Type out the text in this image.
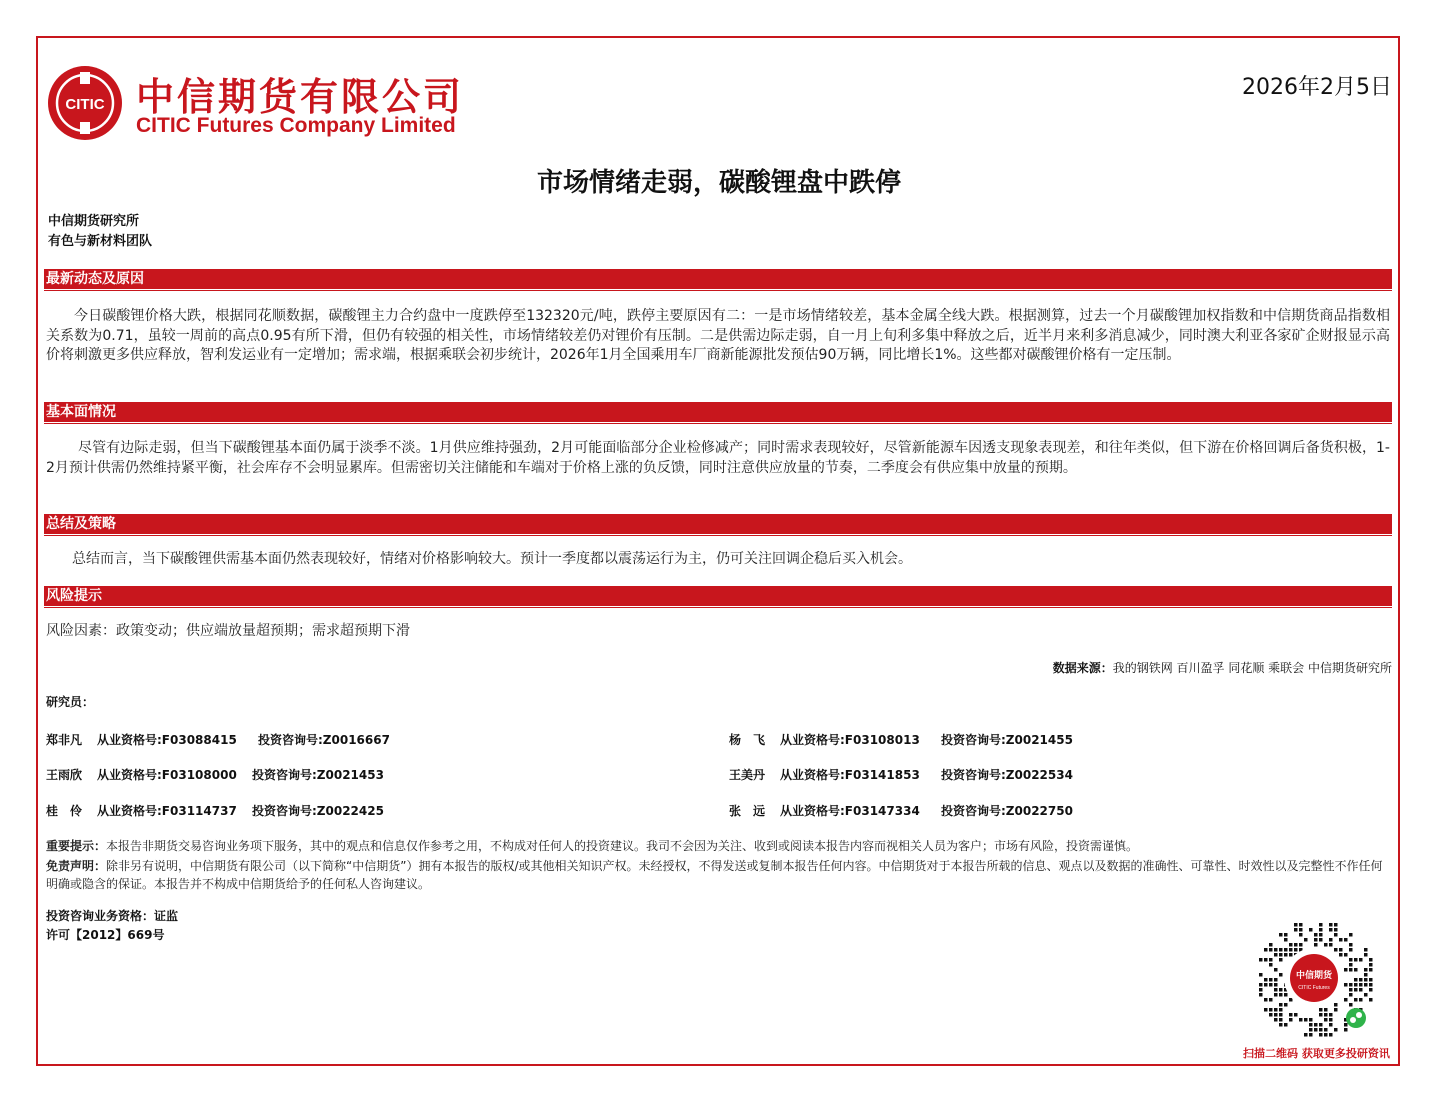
CITIC 中信期货有限公司
CITIC Futures Company Limited
2026年2月5日
市场情绪走弱，碳酸锂盘中跌停
中信期货研究所
有色与新材料团队
最新动态及原因
今日碳酸锂价格大跌，根据同花顺数据，碳酸锂主力合约盘中一度跌停至132320元/吨，跌停主要原因有二：一是市场情绪较差，基本金属全线大跌。根据测算，过去一个月碳酸锂加权指数和中信期货商品指数相关系数为0.71，虽较一周前的高点0.95有所下滑，但仍有较强的相关性，市场情绪较差仍对锂价有压制。二是供需边际走弱，自一月上旬利多集中释放之后，近半月来利多消息减少，同时澳大利亚各家矿企财报显示高价将刺激更多供应释放，智利发运业有一定增加；需求端，根据乘联会初步统计，2026年1月全国乘用车厂商新能源批发预估90万辆，同比增长1%。这些都对碳酸锂价格有一定压制。
基本面情况
尽管有边际走弱，但当下碳酸锂基本面仍属于淡季不淡。1月供应维持强劲，2月可能面临部分企业检修减产；同时需求表现较好，尽管新能源车因透支现象表现差，和往年类似，但下游在价格回调后备货积极，1-2月预计供需仍然维持紧平衡，社会库存不会明显累库。但需密切关注储能和车端对于价格上涨的负反馈，同时注意供应放量的节奏，二季度会有供应集中放量的预期。
总结及策略
总结而言，当下碳酸锂供需基本面仍然表现较好，情绪对价格影响较大。预计一季度都以震荡运行为主，仍可关注回调企稳后买入机会。
风险提示
风险因素：政策变动；供应端放量超预期；需求超预期下滑
数据来源：我的钢铁网 百川盈孚 同花顺 乘联会 中信期货研究所
研究员：
郑非凡 从业资格号:F03088415 投资咨询号:Z0016667
王雨欣 从业资格号:F03108000 投资咨询号:Z0021453
桂　伶 从业资格号:F03114737 投资咨询号:Z0022425
杨　飞 从业资格号:F03108013 投资咨询号:Z0021455
王美丹 从业资格号:F03141853 投资咨询号:Z0022534
张　远 从业资格号:F03147334 投资咨询号:Z0022750
重要提示：本报告非期货交易咨询业务项下服务，其中的观点和信息仅作参考之用，不构成对任何人的投资建议。我司不会因为关注、收到或阅读本报告内容而视相关人员为客户；市场有风险，投资需谨慎。
免责声明：除非另有说明，中信期货有限公司（以下简称“中信期货”）拥有本报告的版权/或其他相关知识产权。未经授权，不得发送或复制本报告任何内容。中信期货对于本报告所载的信息、观点以及数据的准确性、可靠性、时效性以及完整性不作任何明确或隐含的保证。本报告并不构成中信期货给予的任何私人咨询建议。
投资咨询业务资格：证监
许可【2012】669号
中信期货
CITIC Futures
扫描二维码 获取更多投研资讯
